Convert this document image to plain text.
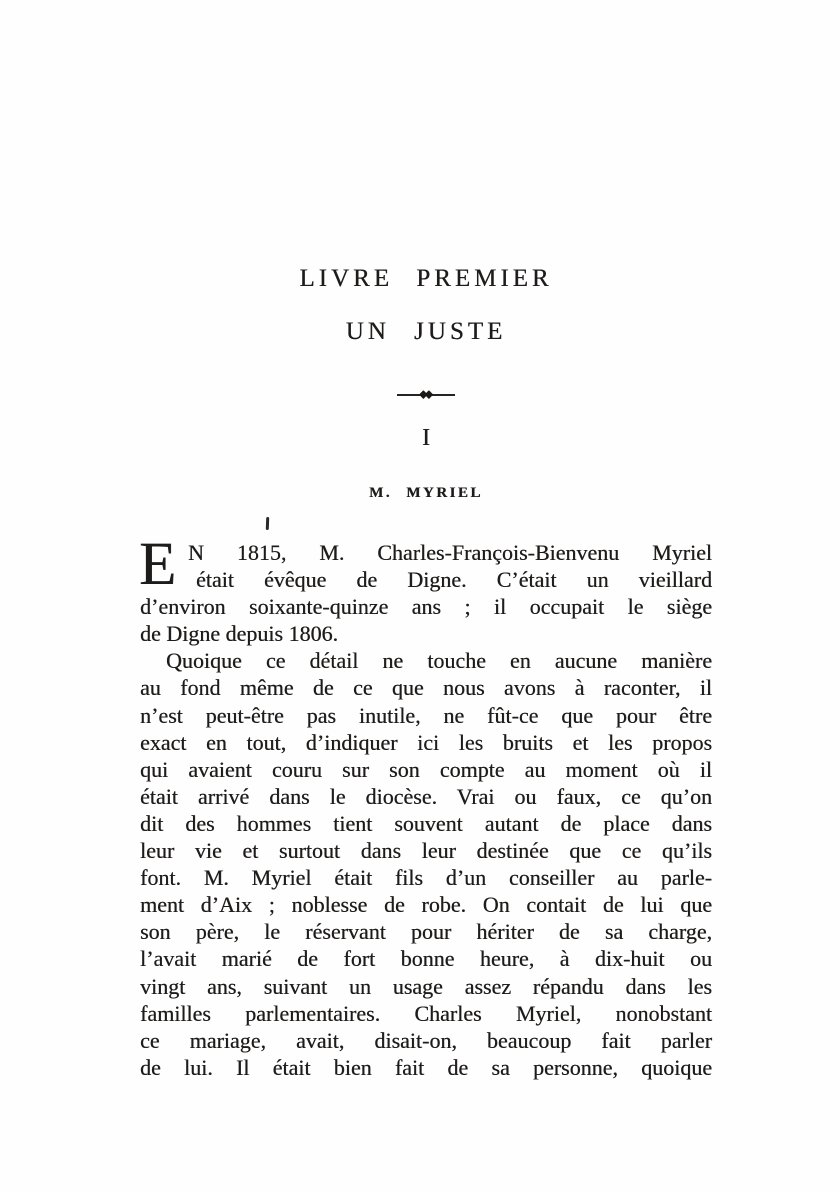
LIVRE PREMIER
UN JUSTE
◆◆
I
M. MYRIEL
E N 1815, M. Charles-François-Bienvenu Myriel
était évêque de Digne. C’était un vieillard
d’environ soixante-quinze ans ; il occupait le siège
de Digne depuis 1806.
Quoique ce détail ne touche en aucune manière
au fond même de ce que nous avons à raconter, il
n’est peut-être pas inutile, ne fût-ce que pour être
exact en tout, d’indiquer ici les bruits et les propos
qui avaient couru sur son compte au moment où il
était arrivé dans le diocèse. Vrai ou faux, ce qu’on
dit des hommes tient souvent autant de place dans
leur vie et surtout dans leur destinée que ce qu’ils
font. M. Myriel était fils d’un conseiller au parle-
ment d’Aix ; noblesse de robe. On contait de lui que
son père, le réservant pour hériter de sa charge,
l’avait marié de fort bonne heure, à dix-huit ou
vingt ans, suivant un usage assez répandu dans les
familles parlementaires. Charles Myriel, nonobstant
ce mariage, avait, disait-on, beaucoup fait parler
de lui. Il était bien fait de sa personne, quoique
